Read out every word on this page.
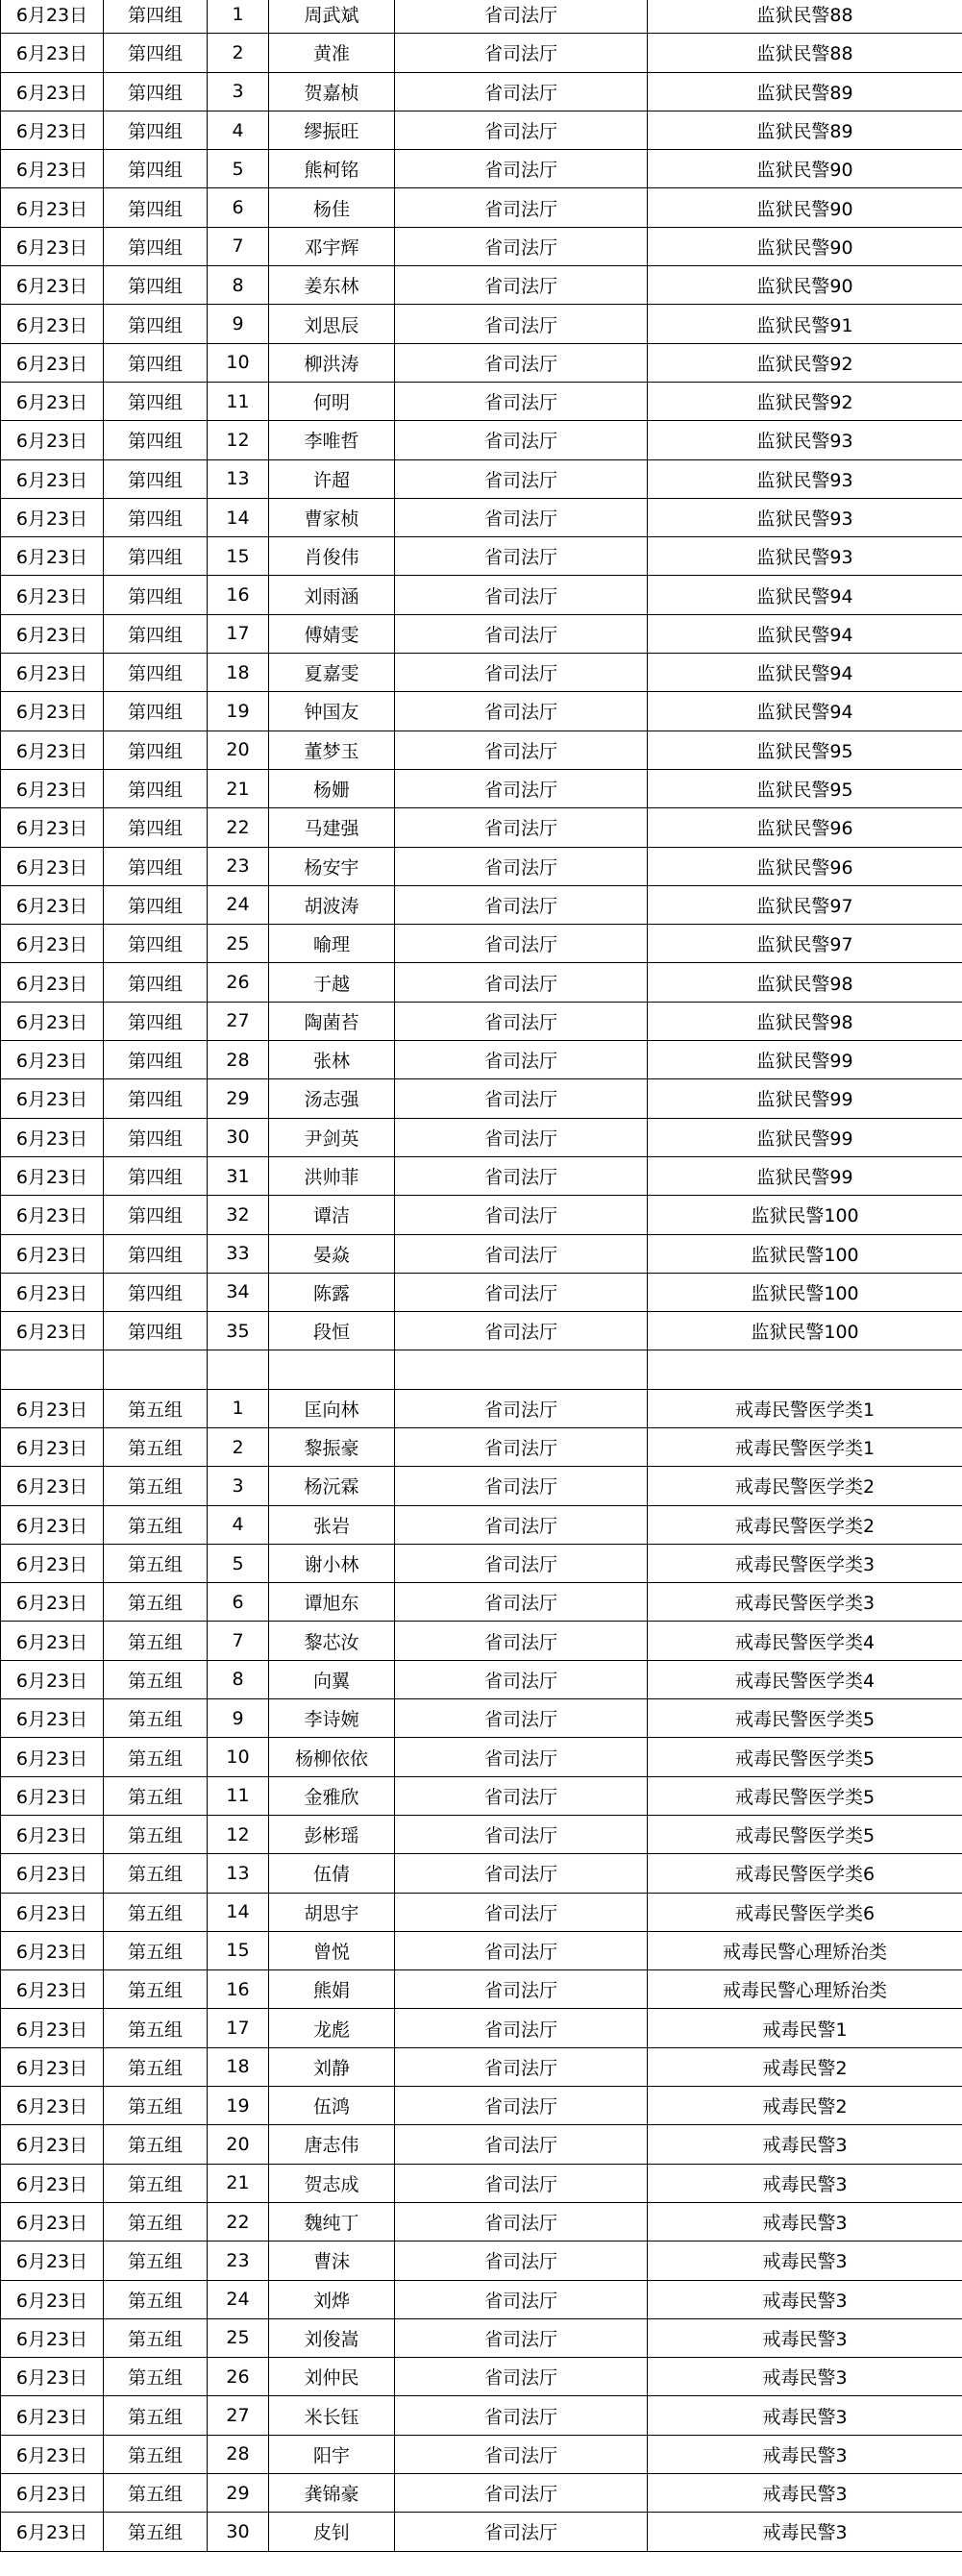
6月23日	第四组	1	周武斌	省司法厅	监狱民警88
6月23日	第四组	2	黄准	省司法厅	监狱民警88
6月23日	第四组	3	贺嘉桢	省司法厅	监狱民警89
6月23日	第四组	4	缪振旺	省司法厅	监狱民警89
6月23日	第四组	5	熊柯铭	省司法厅	监狱民警90
6月23日	第四组	6	杨佳	省司法厅	监狱民警90
6月23日	第四组	7	邓宇辉	省司法厅	监狱民警90
6月23日	第四组	8	姜东林	省司法厅	监狱民警90
6月23日	第四组	9	刘思辰	省司法厅	监狱民警91
6月23日	第四组	10	柳洪涛	省司法厅	监狱民警92
6月23日	第四组	11	何明	省司法厅	监狱民警92
6月23日	第四组	12	李唯哲	省司法厅	监狱民警93
6月23日	第四组	13	许超	省司法厅	监狱民警93
6月23日	第四组	14	曹家桢	省司法厅	监狱民警93
6月23日	第四组	15	肖俊伟	省司法厅	监狱民警93
6月23日	第四组	16	刘雨涵	省司法厅	监狱民警94
6月23日	第四组	17	傅婧雯	省司法厅	监狱民警94
6月23日	第四组	18	夏嘉雯	省司法厅	监狱民警94
6月23日	第四组	19	钟国友	省司法厅	监狱民警94
6月23日	第四组	20	董梦玉	省司法厅	监狱民警95
6月23日	第四组	21	杨姗	省司法厅	监狱民警95
6月23日	第四组	22	马建强	省司法厅	监狱民警96
6月23日	第四组	23	杨安宇	省司法厅	监狱民警96
6月23日	第四组	24	胡波涛	省司法厅	监狱民警97
6月23日	第四组	25	喻理	省司法厅	监狱民警97
6月23日	第四组	26	于越	省司法厅	监狱民警98
6月23日	第四组	27	陶菌苔	省司法厅	监狱民警98
6月23日	第四组	28	张林	省司法厅	监狱民警99
6月23日	第四组	29	汤志强	省司法厅	监狱民警99
6月23日	第四组	30	尹剑英	省司法厅	监狱民警99
6月23日	第四组	31	洪帅菲	省司法厅	监狱民警99
6月23日	第四组	32	谭洁	省司法厅	监狱民警100
6月23日	第四组	33	晏焱	省司法厅	监狱民警100
6月23日	第四组	34	陈露	省司法厅	监狱民警100
6月23日	第四组	35	段恒	省司法厅	监狱民警100

6月23日	第五组	1	匡向林	省司法厅	戒毒民警医学类1
6月23日	第五组	2	黎振豪	省司法厅	戒毒民警医学类1
6月23日	第五组	3	杨沅霖	省司法厅	戒毒民警医学类2
6月23日	第五组	4	张岩	省司法厅	戒毒民警医学类2
6月23日	第五组	5	谢小林	省司法厅	戒毒民警医学类3
6月23日	第五组	6	谭旭东	省司法厅	戒毒民警医学类3
6月23日	第五组	7	黎芯汝	省司法厅	戒毒民警医学类4
6月23日	第五组	8	向翼	省司法厅	戒毒民警医学类4
6月23日	第五组	9	李诗婉	省司法厅	戒毒民警医学类5
6月23日	第五组	10	杨柳依依	省司法厅	戒毒民警医学类5
6月23日	第五组	11	金雅欣	省司法厅	戒毒民警医学类5
6月23日	第五组	12	彭彬瑶	省司法厅	戒毒民警医学类5
6月23日	第五组	13	伍倩	省司法厅	戒毒民警医学类6
6月23日	第五组	14	胡思宇	省司法厅	戒毒民警医学类6
6月23日	第五组	15	曾悦	省司法厅	戒毒民警心理矫治类
6月23日	第五组	16	熊娟	省司法厅	戒毒民警心理矫治类
6月23日	第五组	17	龙彪	省司法厅	戒毒民警1
6月23日	第五组	18	刘静	省司法厅	戒毒民警2
6月23日	第五组	19	伍鸿	省司法厅	戒毒民警2
6月23日	第五组	20	唐志伟	省司法厅	戒毒民警3
6月23日	第五组	21	贺志成	省司法厅	戒毒民警3
6月23日	第五组	22	魏纯丁	省司法厅	戒毒民警3
6月23日	第五组	23	曹沫	省司法厅	戒毒民警3
6月23日	第五组	24	刘烨	省司法厅	戒毒民警3
6月23日	第五组	25	刘俊嵩	省司法厅	戒毒民警3
6月23日	第五组	26	刘仲民	省司法厅	戒毒民警3
6月23日	第五组	27	米长钰	省司法厅	戒毒民警3
6月23日	第五组	28	阳宇	省司法厅	戒毒民警3
6月23日	第五组	29	龚锦豪	省司法厅	戒毒民警3
6月23日	第五组	30	皮钊	省司法厅	戒毒民警3
